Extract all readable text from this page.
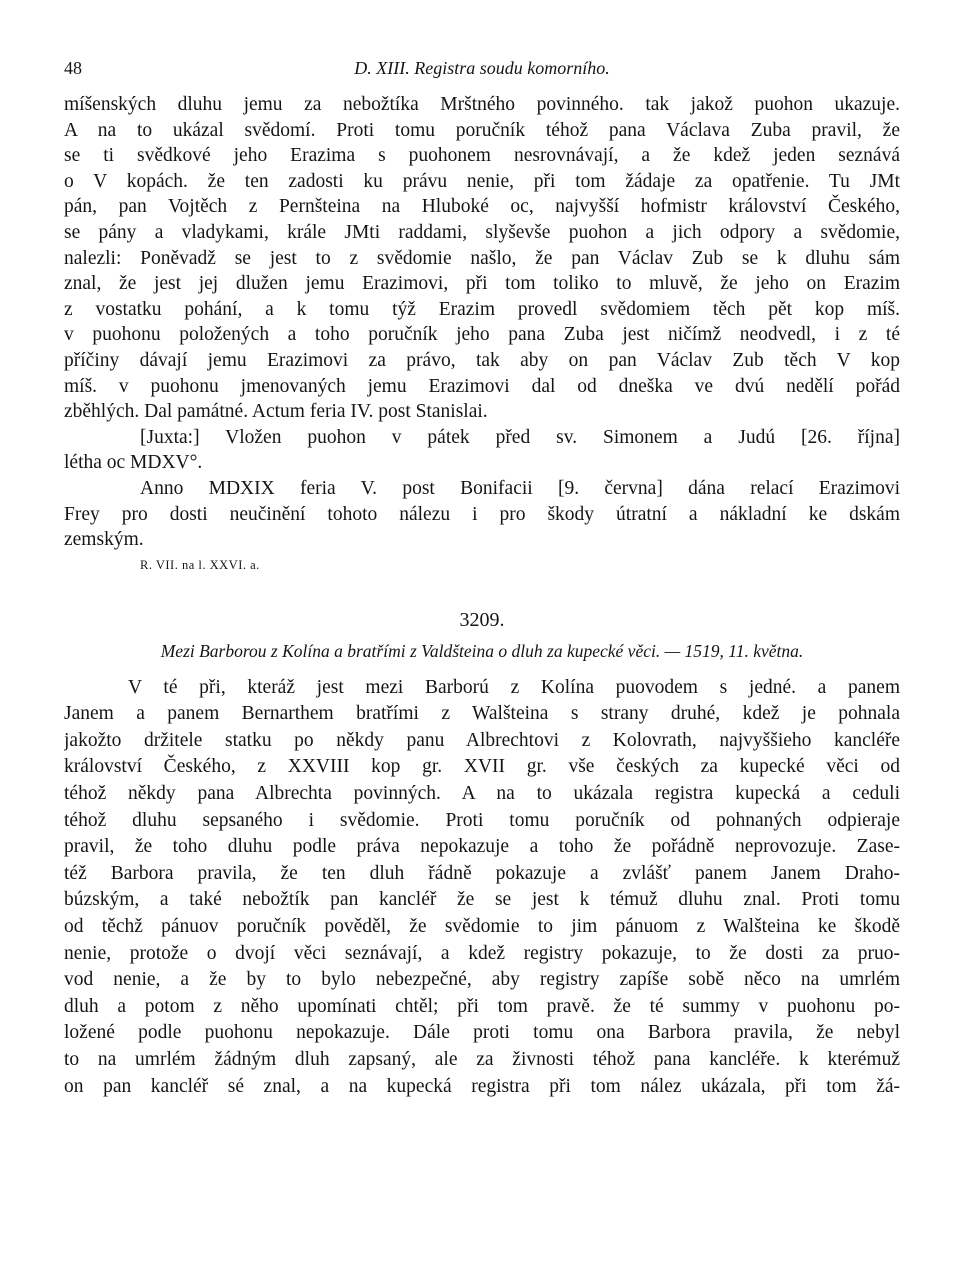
48	D. XIII. Registra soudu komorního.
míšenských dluhu jemu za nebožtíka Mrštného povinného. tak jakož puohon ukazuje.
A na to ukázal svědomí. Proti tomu poručník téhož pana Václava Zuba pravil, že
se ti svědkové jeho Erazima s puohonem nesrovnávají, a že kdež jeden seznává
o V kopách. že ten zadosti ku právu nenie, při tom žádaje za opatřenie. Tu JMt
pán, pan Vojtěch z Pernšteina na Hluboké oc, najvyšší hofmistr království Českého,
se pány a vladykami, krále JMti raddami, slyševše puohon a jich odpory a svědomie,
nalezli: Poněvadž se jest to z svědomie našlo, že pan Václav Zub se k dluhu sám
znal, že jest jej dlužen jemu Erazimovi, při tom toliko to mluvě, že jeho on Erazim
z vostatku pohání, a k tomu týž Erazim provedl svědomiem těch pět kop míš.
v puohonu položených a toho poručník jeho pana Zuba jest ničímž neodvedl, i z té
příčiny dávají jemu Erazimovi za právo, tak aby on pan Václav Zub těch V kop
míš. v puohonu jmenovaných jemu Erazimovi dal od dneška ve dvú nedělí pořád
zběhlých. Dal památné. Actum feria IV. post Stanislai.
[Juxta:] Vložen puohon v pátek před sv. Simonem a Judú [26. října]
létha oc MDXV°.
Anno MDXIX feria V. post Bonifacii [9. června] dána relací Erazimovi
Frey pro dosti neučinění tohoto nálezu i pro škody útratní a nákladní ke dskám
zemským.
R. VII. na l. XXVI. a.
3209.
Mezi Barborou z Kolína a bratřími z Valdšteina o dluh za kupecké věci. — 1519, 11. května.
V té při, kteráž jest mezi Barború z Kolína puovodem s jedné. a panem
Janem a panem Bernarthem bratřími z Walšteina s strany druhé, kdež je pohnala
jakožto držitele statku po někdy panu Albrechtovi z Kolovrath, najvyššieho kancléře
království Českého, z XXVIII kop gr. XVII gr. vše českých za kupecké věci od
téhož někdy pana Albrechta povinných. A na to ukázala registra kupecká a ceduli
téhož dluhu sepsaného i svědomie. Proti tomu poručník od pohnaných odpieraje
pravil, že toho dluhu podle práva nepokazuje a toho že pořádně neprovozuje. Zase-
též Barbora pravila, že ten dluh řádně pokazuje a zvlášť panem Janem Draho-
búzským, a také nebožtík pan kancléř že se jest k témuž dluhu znal. Proti tomu
od těchž pánuov poručník pověděl, že svědomie to jim pánuom z Walšteina ke škodě
nenie, protože o dvojí věci seznávají, a kdež registry pokazuje, to že dosti za pruo-
vod nenie, a že by to bylo nebezpečné, aby registry zapíše sobě něco na umrlém
dluh a potom z něho upomínati chtěl; při tom pravě. že té summy v puohonu po-
ložené podle puohonu nepokazuje. Dále proti tomu ona Barbora pravila, že nebyl
to na umrlém žádným dluh zapsaný, ale za živnosti téhož pana kancléře. k kterémuž
on pan kancléř sé znal, a na kupecká registra při tom nález ukázala, při tom žá-
